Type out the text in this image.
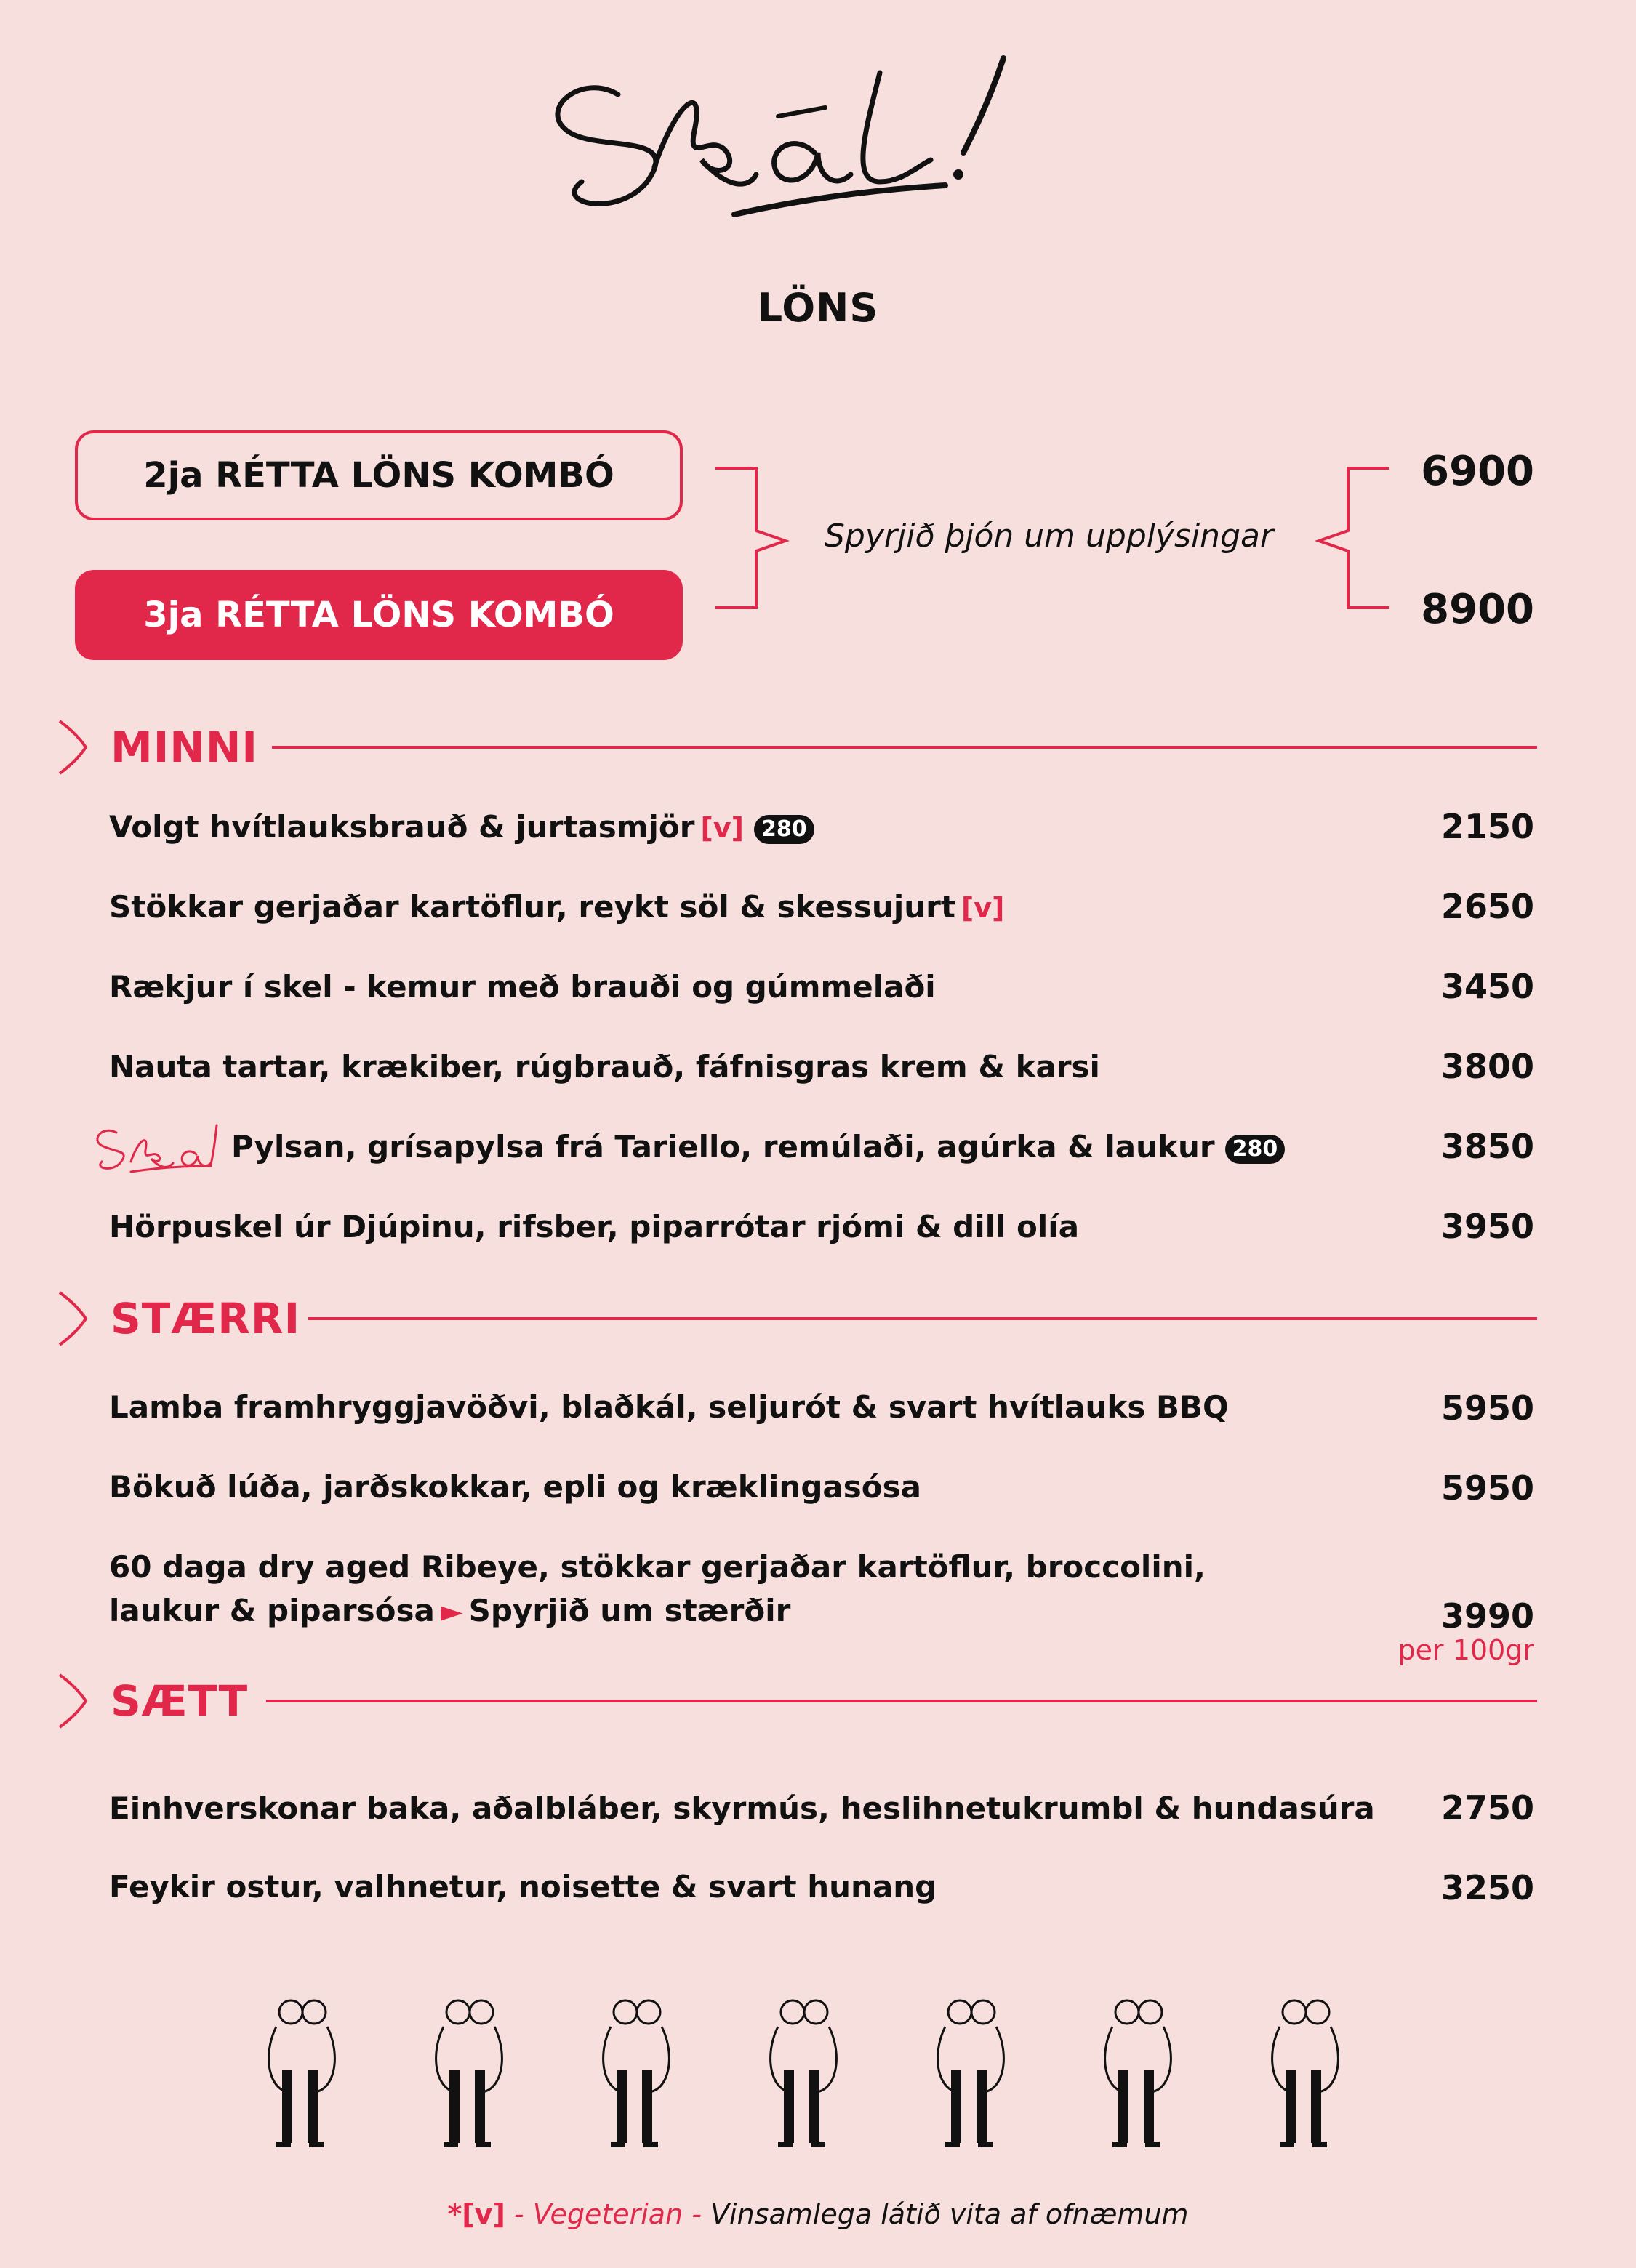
LÖNS
2ja RÉTTA LÖNS KOMBÓ
3ja RÉTTA LÖNS KOMBÓ
Spyrjið þjón um upplýsingar
6900
8900
MINNI
Volgt hvítlauksbrauð & jurtasmjör [v] 280	2150
Stökkar gerjaðar kartöflur, reykt söl & skessujurt [v]	2650
Rækjur í skel - kemur með brauði og gúmmelaði	3450
Nauta tartar, krækiber, rúgbrauð, fáfnisgras krem & karsi	3800
Pylsan, grísapylsa frá Tariello, remúlaði, agúrka & laukur 280	3850
Hörpuskel úr Djúpinu, rifsber, piparrótar rjómi & dill olía	3950
STÆRRI
Lamba framhryggjavöðvi, blaðkál, seljurót & svart hvítlauks BBQ	5950
Bökuð lúða, jarðskokkar, epli og kræklingasósa	5950
60 daga dry aged Ribeye, stökkar gerjaðar kartöflur, broccolini,
laukur & piparsósa ► Spyrjið um stærðir	3990
per 100gr
SÆTT
Einhverskonar baka, aðalbláber, skyrmús, heslihnetukrumbl & hundasúra 2750
Feykir ostur, valhnetur, noisette & svart hunang	3250
*[v] - Vegeterian - Vinsamlega látið vita af ofnæmum
